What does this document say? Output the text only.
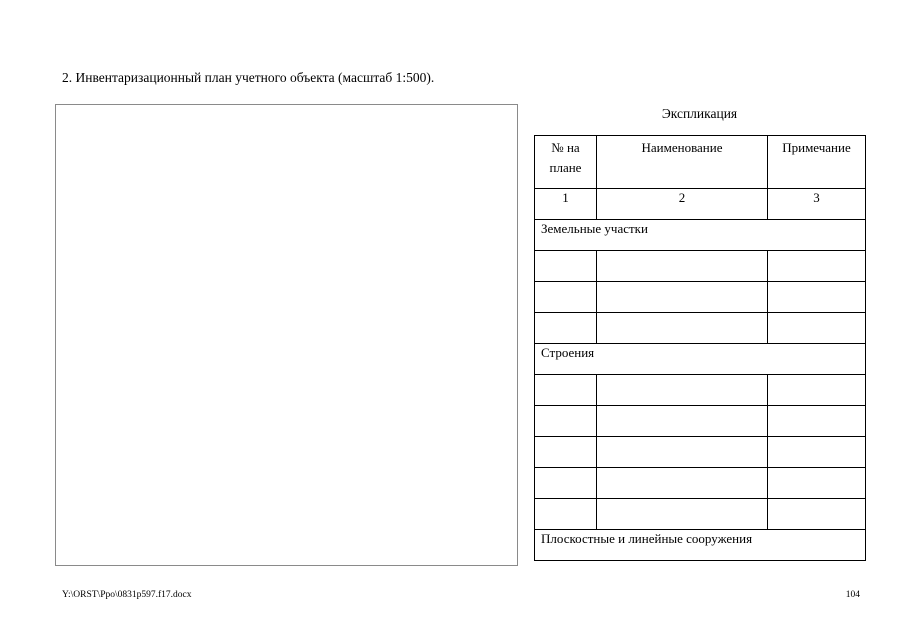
2. Инвентаризационный план учетного объекта (масштаб 1:500).
Экспликация
№ на плане	Наименование	Примечание
1	2	3
Земельные участки		

Строения		

Плоскостные и линейные сооружения		
Y:\ORST\Ppo\0831p597.f17.docx	104
